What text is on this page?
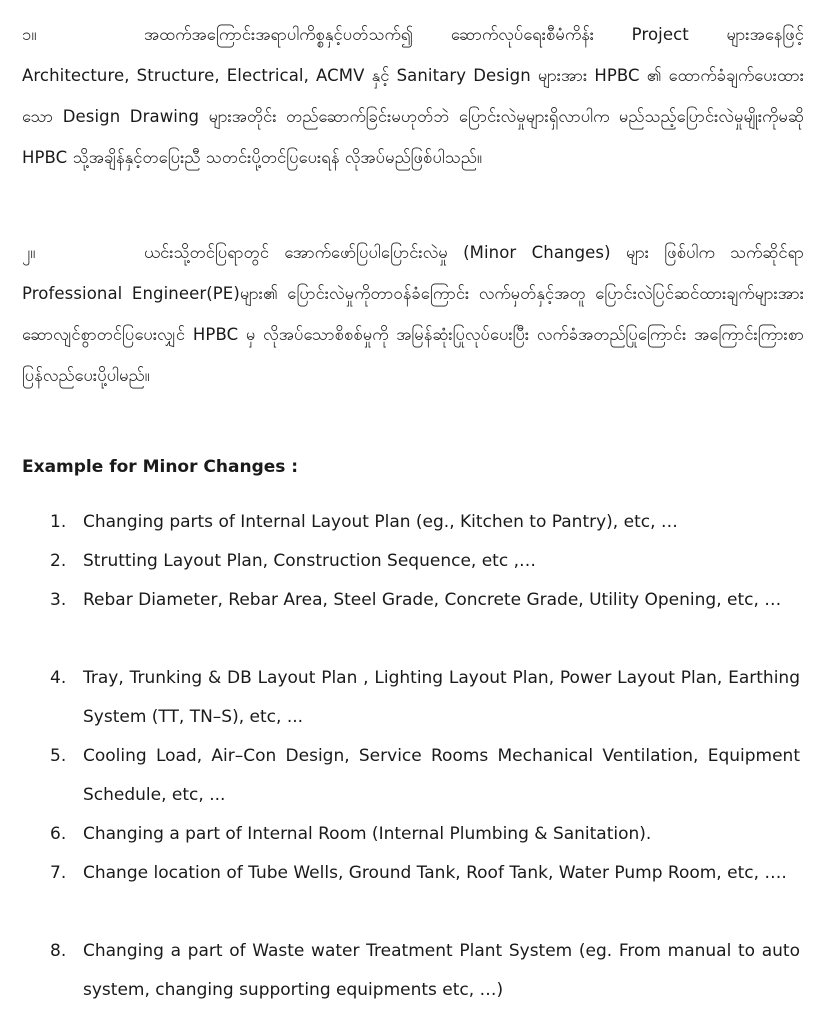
၁။	အထက်အကြောင်းအရာပါကိစ္စနှင့်ပတ်သက်၍ ဆောက်လုပ်ရေးစီမံကိန်း Project များအနေဖြင့် Architecture, Structure, Electrical, ACMV နှင့် Sanitary Design များအား HPBC ၏ ထောက်ခံချက်ပေးထားသော Design Drawing များအတိုင်း တည်ဆောက်ခြင်းမဟုတ်ဘဲ ပြောင်းလဲမှုများရှိလာပါက မည်သည့်ပြောင်းလဲမှုမျိုးကိုမဆို HPBC သို့အချိန်နှင့်တပြေးညီ သတင်းပို့တင်ပြပေးရန် လိုအပ်မည်ဖြစ်ပါသည်။

၂။	ယင်းသို့တင်ပြရာတွင် အောက်ဖော်ပြပါပြောင်းလဲမှု (Minor Changes) များ ဖြစ်ပါက သက်ဆိုင်ရာ Professional Engineer(PE)များ၏ ပြောင်းလဲမှုကိုတာဝန်ခံကြောင်း လက်မှတ်နှင့်အတူ ပြောင်းလဲပြင်ဆင်ထားချက်များအား ဆောလျင်စွာတင်ပြပေးလျှင် HPBC မှ လိုအပ်သောစိစစ်မှုကို အမြန်ဆုံးပြုလုပ်ပေးပြီး လက်ခံအတည်ပြုကြောင်း အကြောင်းကြားစာ ပြန်လည်ပေးပို့ပါမည်။

Example for Minor Changes :
1. Changing parts of Internal Layout Plan (eg., Kitchen to Pantry), etc, …
2. Strutting Layout Plan, Construction Sequence, etc ,…
3. Rebar Diameter, Rebar Area, Steel Grade, Concrete Grade, Utility Opening, etc, …
4. Tray, Trunking & DB Layout Plan , Lighting Layout Plan, Power Layout Plan, Earthing System (TT, TN–S), etc, ...
5. Cooling Load, Air–Con Design, Service Rooms Mechanical Ventilation, Equipment Schedule, etc, ...
6. Changing a part of Internal Room (Internal Plumbing & Sanitation).
7. Change location of Tube Wells, Ground Tank, Roof Tank, Water Pump Room, etc, ….
8. Changing a part of Waste water Treatment Plant System (eg. From manual to auto system, changing supporting equipments etc, …)
